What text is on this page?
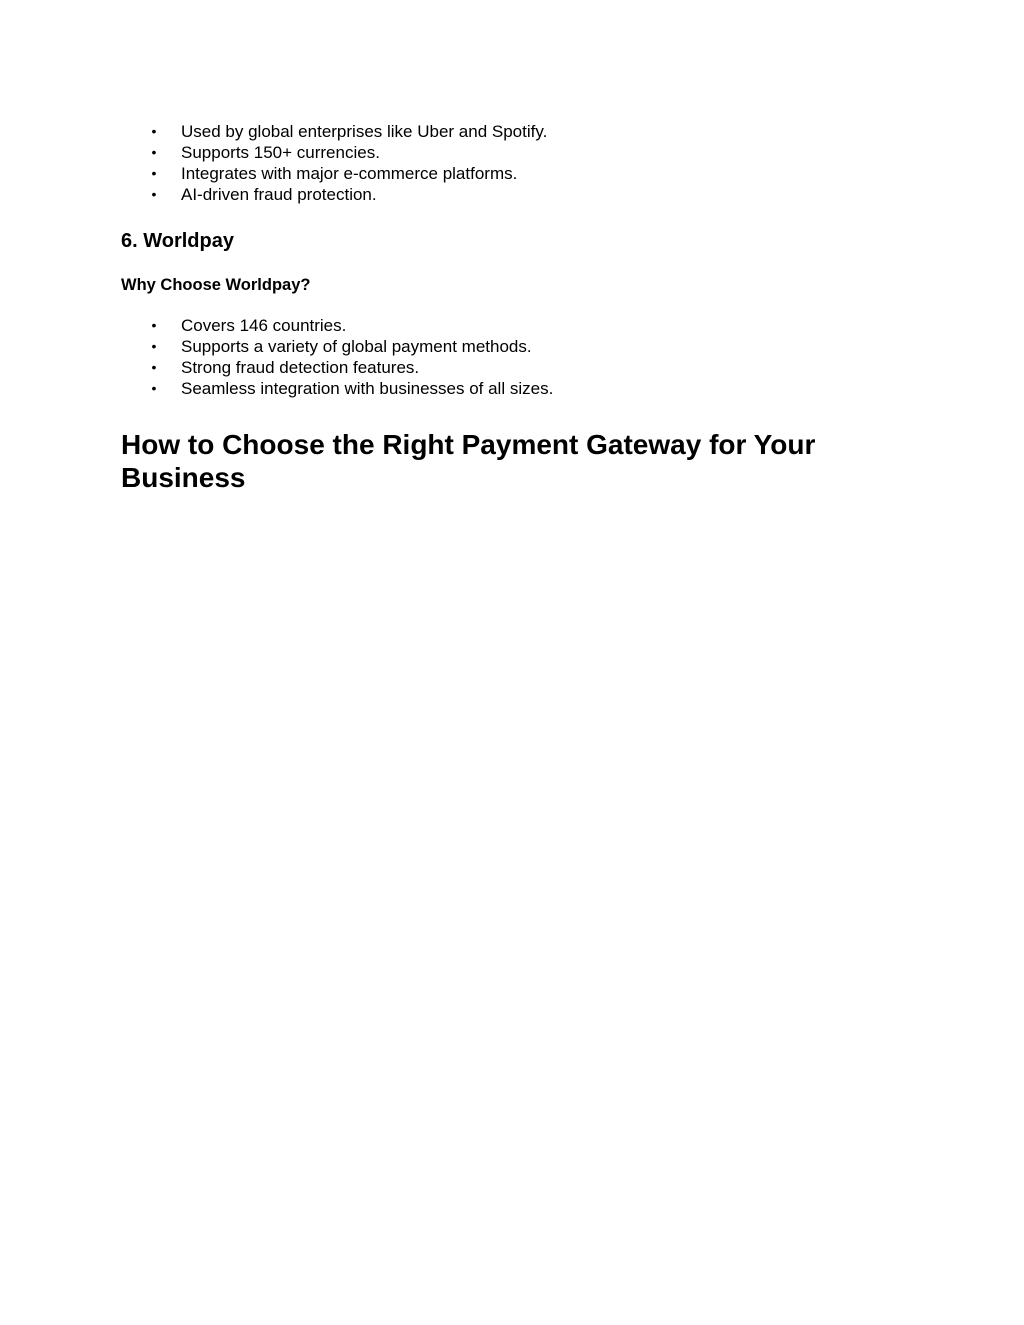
• Used by global enterprises like Uber and Spotify.
• Supports 150+ currencies.
• Integrates with major e-commerce platforms.
• AI-driven fraud protection.
6. Worldpay
Why Choose Worldpay?
• Covers 146 countries.
• Supports a variety of global payment methods.
• Strong fraud detection features.
• Seamless integration with businesses of all sizes.
How to Choose the Right Payment Gateway for Your Business
